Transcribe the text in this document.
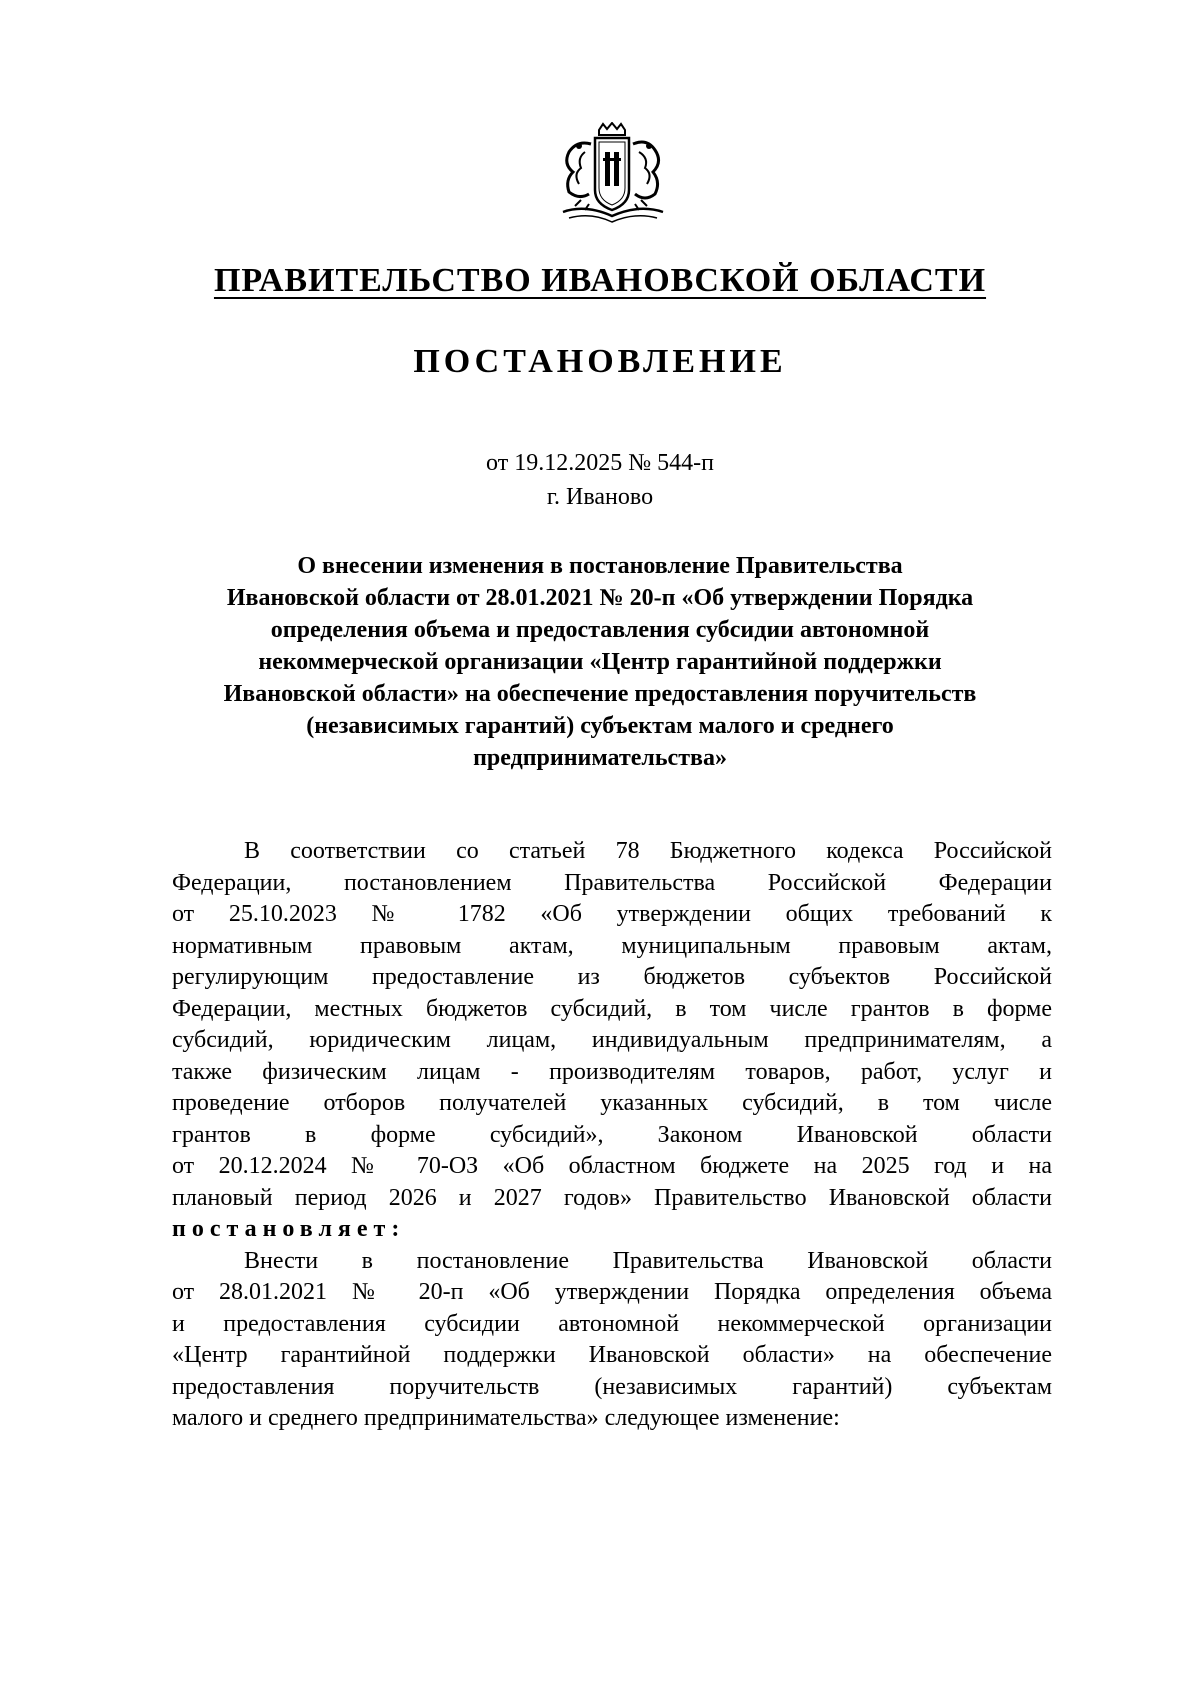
ПРАВИТЕЛЬСТВО ИВАНОВСКОЙ ОБЛАСТИ
ПОСТАНОВЛЕНИЕ
от 19.12.2025 № 544-п
г. Иваново
О внесении изменения в постановление Правительства
Ивановской области от 28.01.2021 № 20-п «Об утверждении Порядка
определения объема и предоставления субсидии автономной
некоммерческой организации «Центр гарантийной поддержки
Ивановской области» на обеспечение предоставления поручительств
(независимых гарантий) субъектам малого и среднего
предпринимательства»
В соответствии со статьей 78 Бюджетного кодекса Российской
Федерации, постановлением Правительства Российской Федерации
от 25.10.2023 № 1782 «Об утверждении общих требований к
нормативным правовым актам, муниципальным правовым актам,
регулирующим предоставление из бюджетов субъектов Российской
Федерации, местных бюджетов субсидий, в том числе грантов в форме
субсидий, юридическим лицам, индивидуальным предпринимателям, а
также физическим лицам - производителям товаров, работ, услуг и
проведение отборов получателей указанных субсидий, в том числе
грантов в форме субсидий», Законом Ивановской области
от 20.12.2024 № 70-ОЗ «Об областном бюджете на 2025 год и на
плановый период 2026 и 2027 годов» Правительство Ивановской области
постановляет:
Внести в постановление Правительства Ивановской области
от 28.01.2021 № 20-п «Об утверждении Порядка определения объема
и предоставления субсидии автономной некоммерческой организации
«Центр гарантийной поддержки Ивановской области» на обеспечение
предоставления поручительств (независимых гарантий) субъектам
малого и среднего предпринимательства» следующее изменение:
